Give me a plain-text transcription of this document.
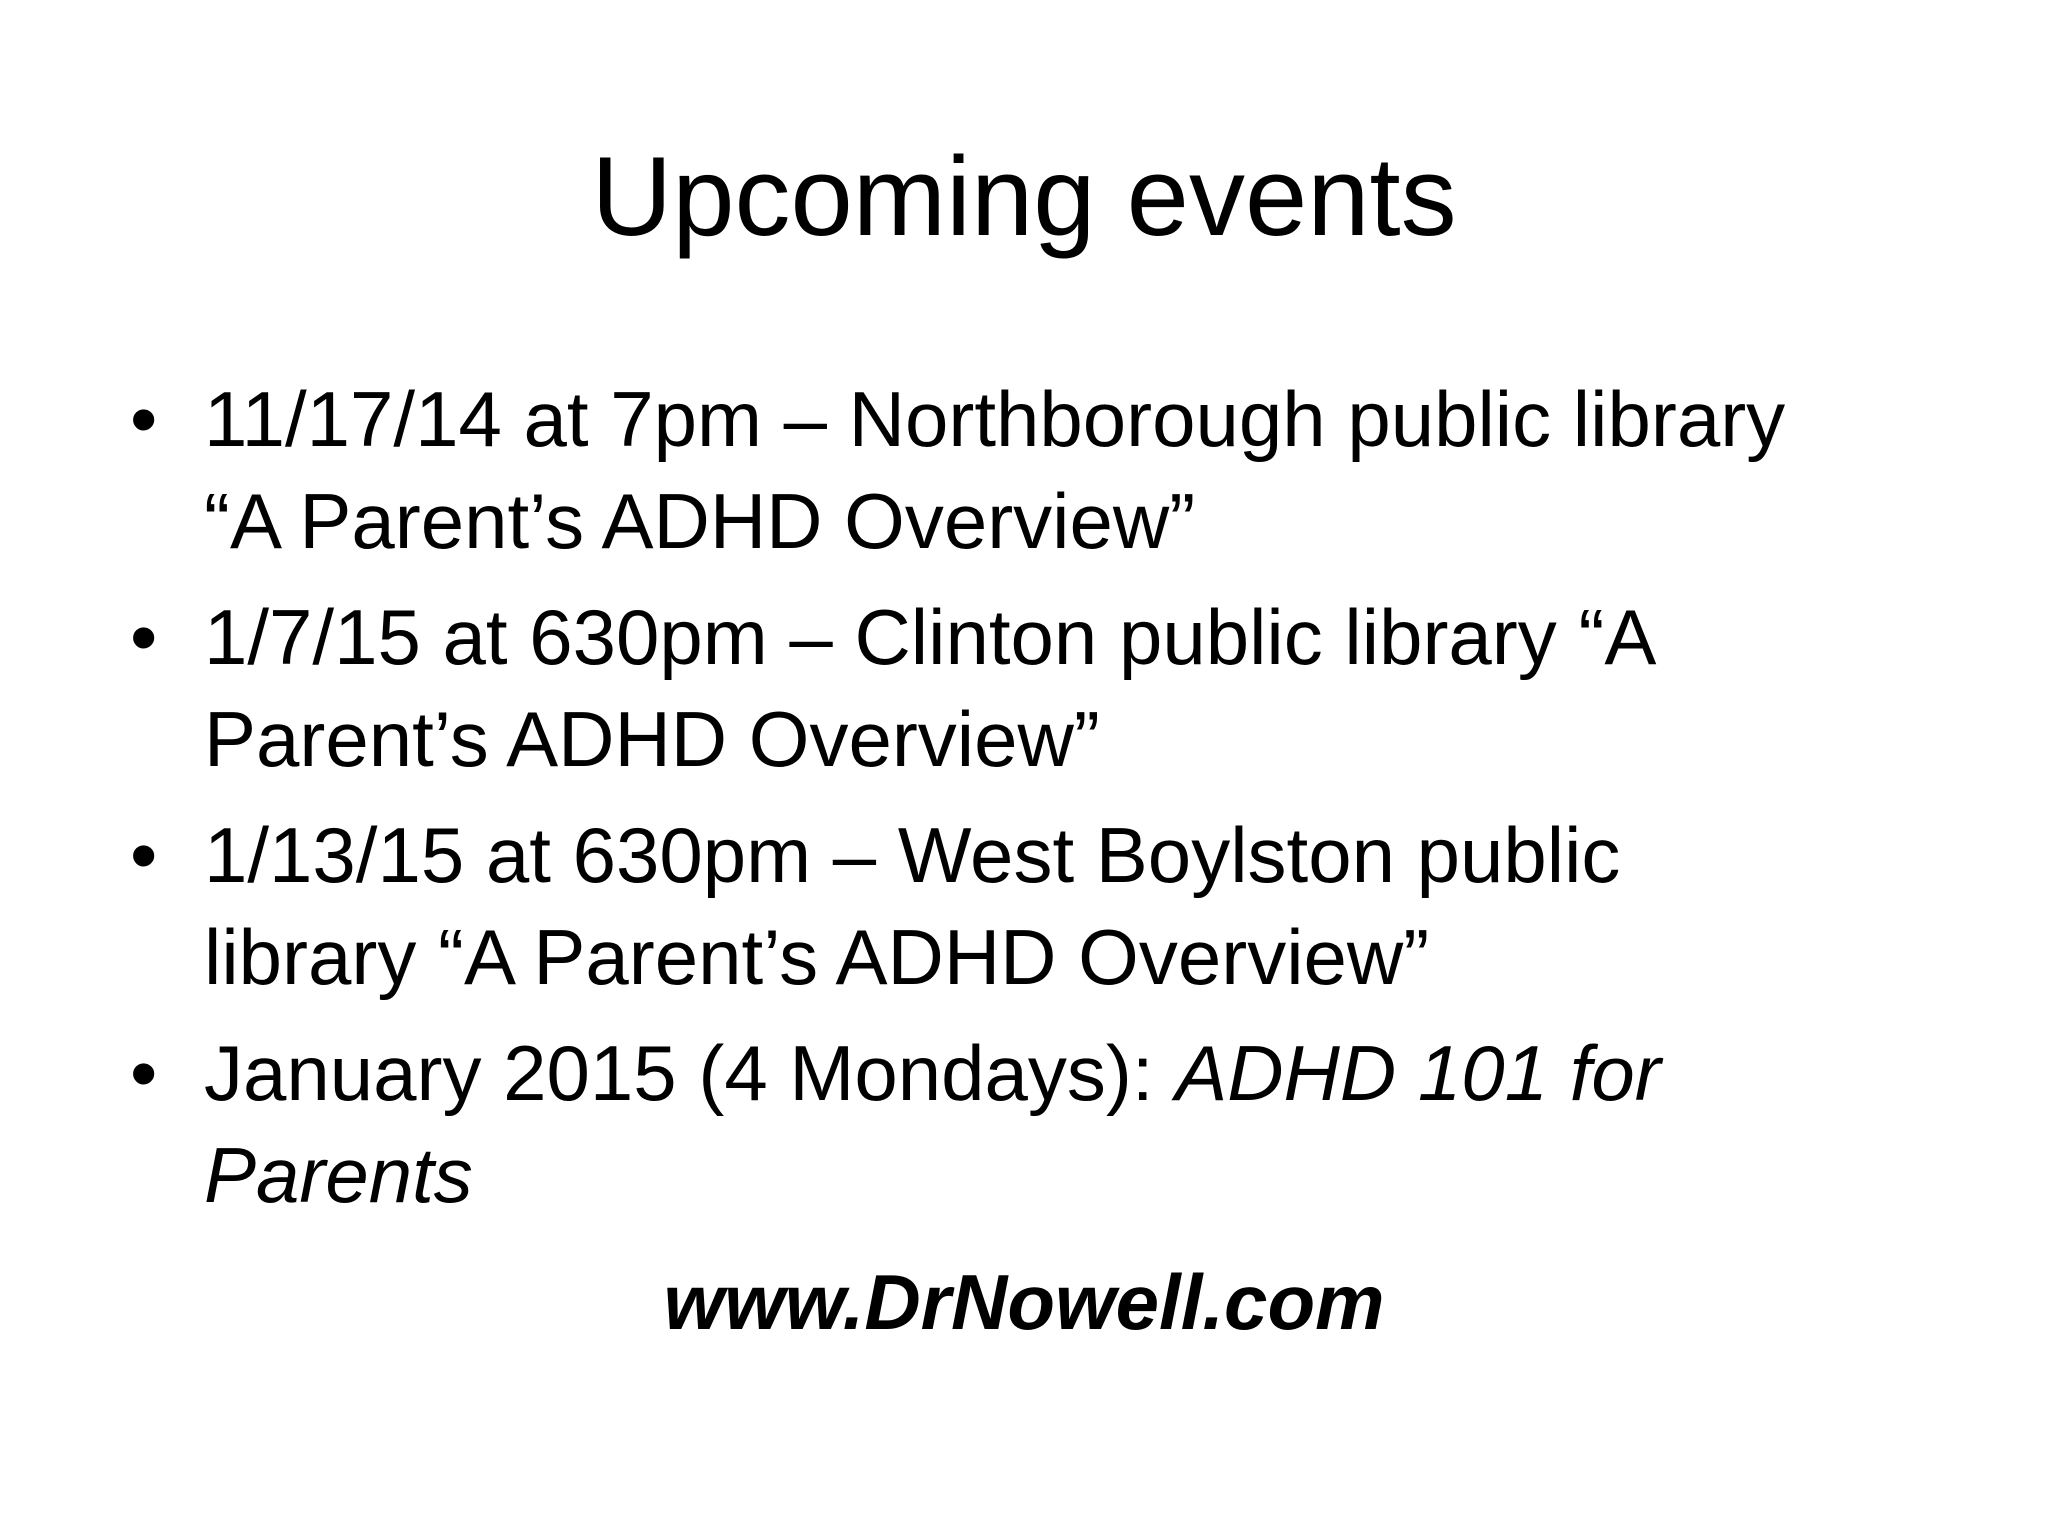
Upcoming events
• 11/17/14 at 7pm – Northborough public library “A Parent’s ADHD Overview”
• 1/7/15 at 630pm – Clinton public library “A Parent’s ADHD Overview”
• 1/13/15 at 630pm – West Boylston public library “A Parent’s ADHD Overview”
• January 2015 (4 Mondays): ADHD 101 for Parents
www.DrNowell.com
